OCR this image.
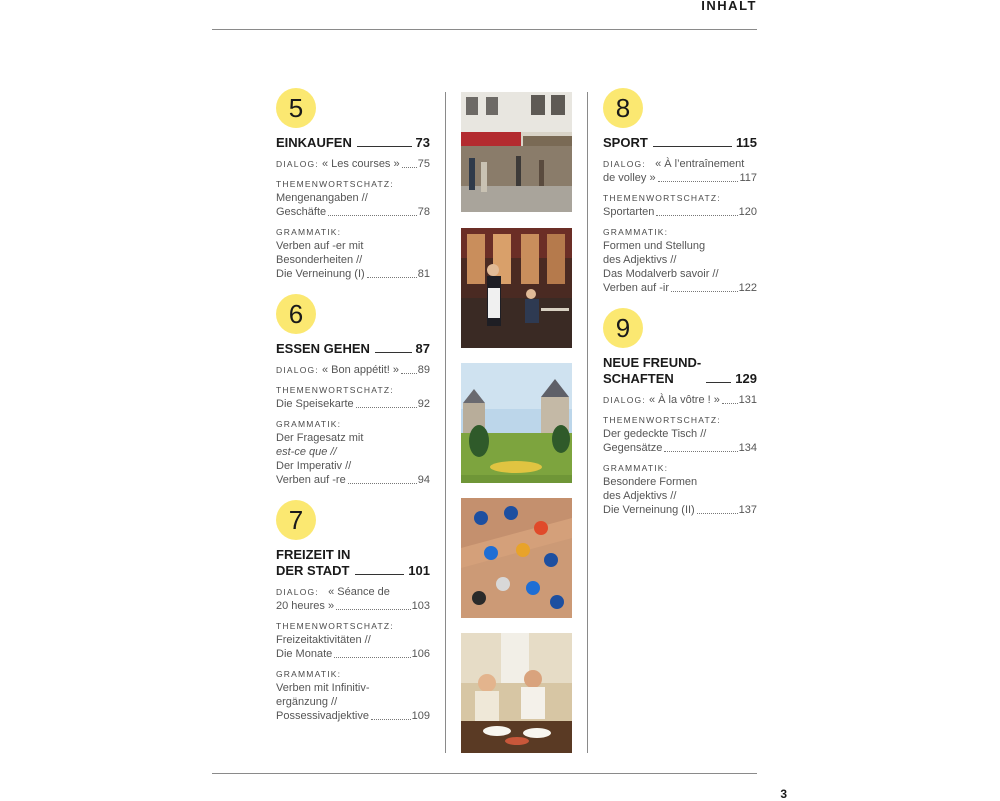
INHALT
5
EINKAUFEN	73
DIALOG:
« Les courses » 75
THEMENWORTSCHATZ:
Mengenangaben //
Geschäfte	78
GRAMMATIK:
Verben auf -er mit
Besonderheiten //
Die Verneinung (I)	81
6
ESSEN GEHEN	87
DIALOG:
« Bon appétit! » 89
THEMENWORTSCHATZ:
Die Speisekarte	92
GRAMMATIK:
Der Fragesatz mit
est-ce que //
Der Imperativ //
Verben auf -re	94
7
FREIZEIT IN
DER STADT	101
DIALOG: « Séance de
20 heures »	103
THEMENWORTSCHATZ:
Freizeitaktivitäten //
Die Monate	106
GRAMMATIK:
Verben mit Infinitiv-
ergänzung //
Possessivadjektive	109
8
SPORT	115
DIALOG: « À l’entraînement
de volley »	117
THEMENWORTSCHATZ:
Sportarten	120
GRAMMATIK:
Formen und Stellung
des Adjektivs //
Das Modalverb savoir //
Verben auf -ir	122
9
NEUE FREUND-
SCHAFTEN	129
DIALOG:
« À la vôtre ! » 131
THEMENWORTSCHATZ:
Der gedeckte Tisch //
Gegensätze	134
GRAMMATIK:
Besondere Formen
des Adjektivs //
Die Verneinung (II)	137
3
